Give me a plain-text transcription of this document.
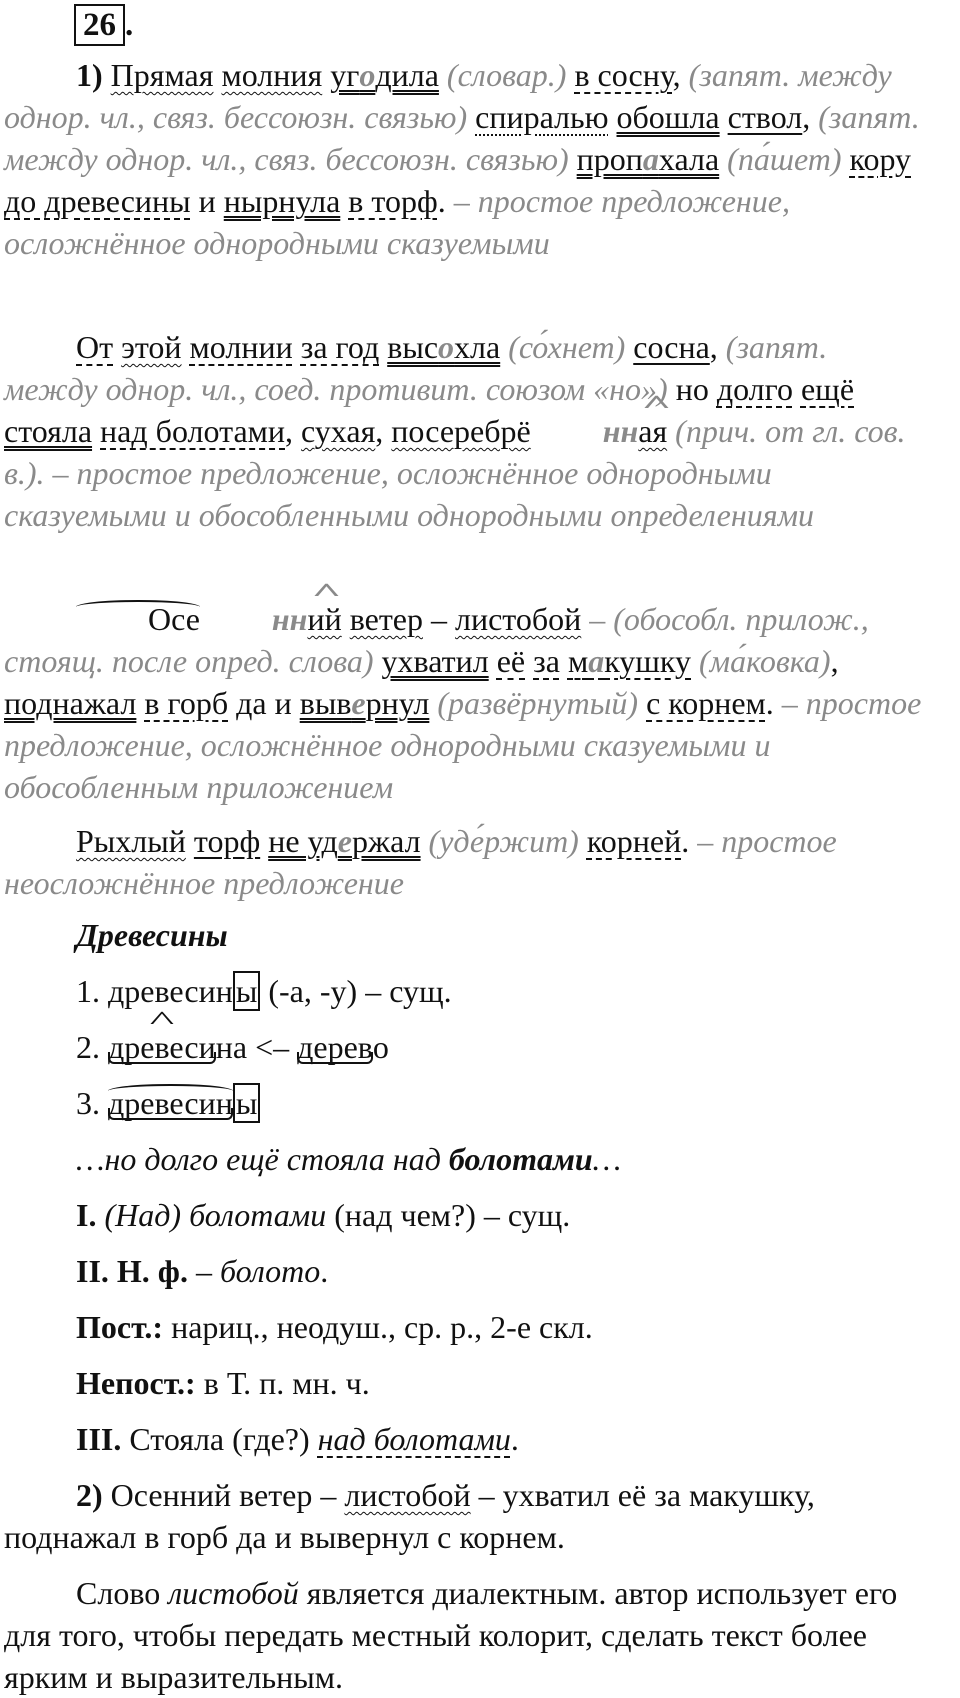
26 .
1) Прямая молния угодила (словар.) в сосну, (запят. между однор. чл., связ. бессоюзн. связью) спиралью обошла ствол, (запят. между однор. чл., связ. бессоюзн. связью) пропахала (па́шет) кору до древесины и нырнула в торф. – простое предложение, осложнённое однородными сказуемыми
От этой молнии за год высохла (со́хнет) сосна, (запят. между однор. чл., соед. противит. союзом «но») но долго ещё стояла над болотами, сухая, посеребрё ^ нная (прич. от гл. сов. в.). – простое предложение, осложнённое однородными сказуемыми и обособленными однородными определениями
Осе ^ нний ветер – листобой – (обособл. прилож., стоящ. после опред. слова) ухватил её за макушку (ма́ковка), поднажал в горб да и вывернул (развёрнутый) с корнем. – простое предложение, осложнённое однородными сказуемыми и обособленным приложением
Рыхлый торф не удержал (уде́ржит) корней. – простое неосложнённое предложение
Древесины
1. древесины (-а, -у) – сущ.
2. ^ древесина <– дерево
3. древесины
…но долго ещё стояла над болотами…
I. (Над) болотами (над чем?) – сущ.
II. Н. ф. – болото.
Пост.: нариц., неодуш., ср. р., 2-е скл.
Непост.: в Т. п. мн. ч.
III. Стояла (где?) над болотами.
2) Осенний ветер – листобой – ухватил её за макушку, поднажал в горб да и вывернул с корнем.
Слово листобой является диалектным. автор использует его для того, чтобы передать местный колорит, сделать текст более ярким и выразительным.
